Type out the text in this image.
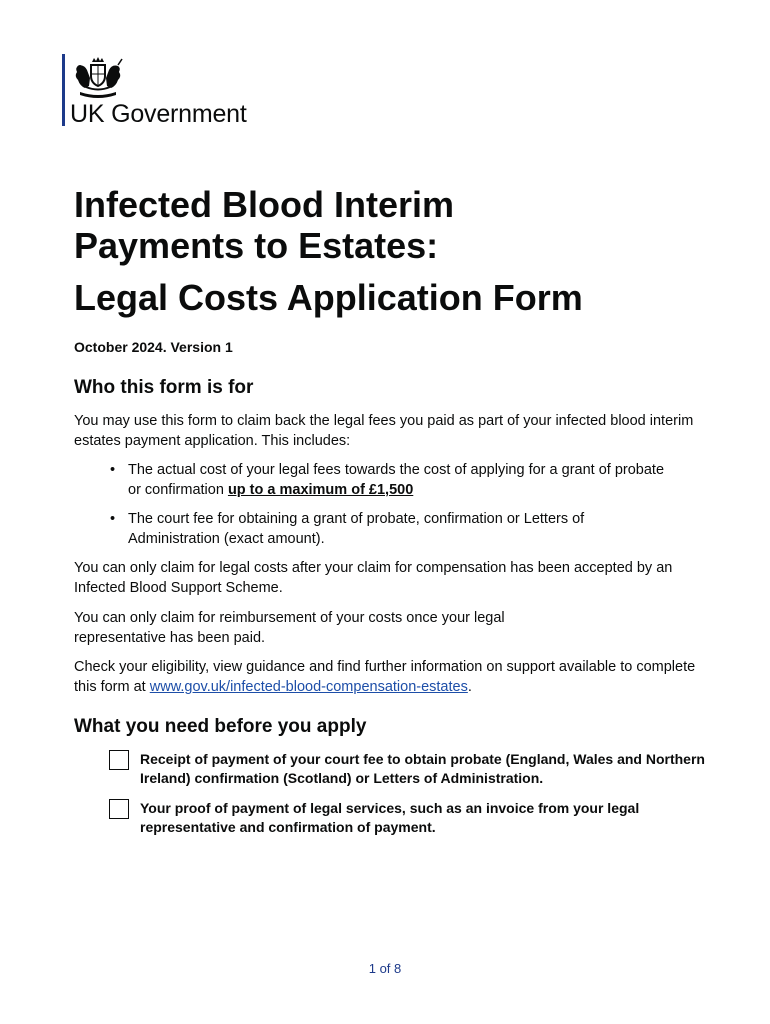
UK Government
Infected Blood Interim
Payments to Estates:
Legal Costs Application Form

October 2024. Version 1

Who this form is for

You may use this form to claim back the legal fees you paid as part of your infected blood interim estates payment application. This includes:

• The actual cost of your legal fees towards the cost of applying for a grant of probate or confirmation up to a maximum of £1,500
• The court fee for obtaining a grant of probate, confirmation or Letters of Administration (exact amount).

You can only claim for legal costs after your claim for compensation has been accepted by an Infected Blood Support Scheme.

You can only claim for reimbursement of your costs once your legal
representative has been paid.

Check your eligibility, view guidance and find further information on support available to complete this form at www.gov.uk/infected-blood-compensation-estates.

What you need before you apply
Receipt of payment of your court fee to obtain probate (England, Wales and Northern Ireland) confirmation (Scotland) or Letters of Administration.
Your proof of payment of legal services, such as an invoice from your legal representative and confirmation of payment.
1 of 8
